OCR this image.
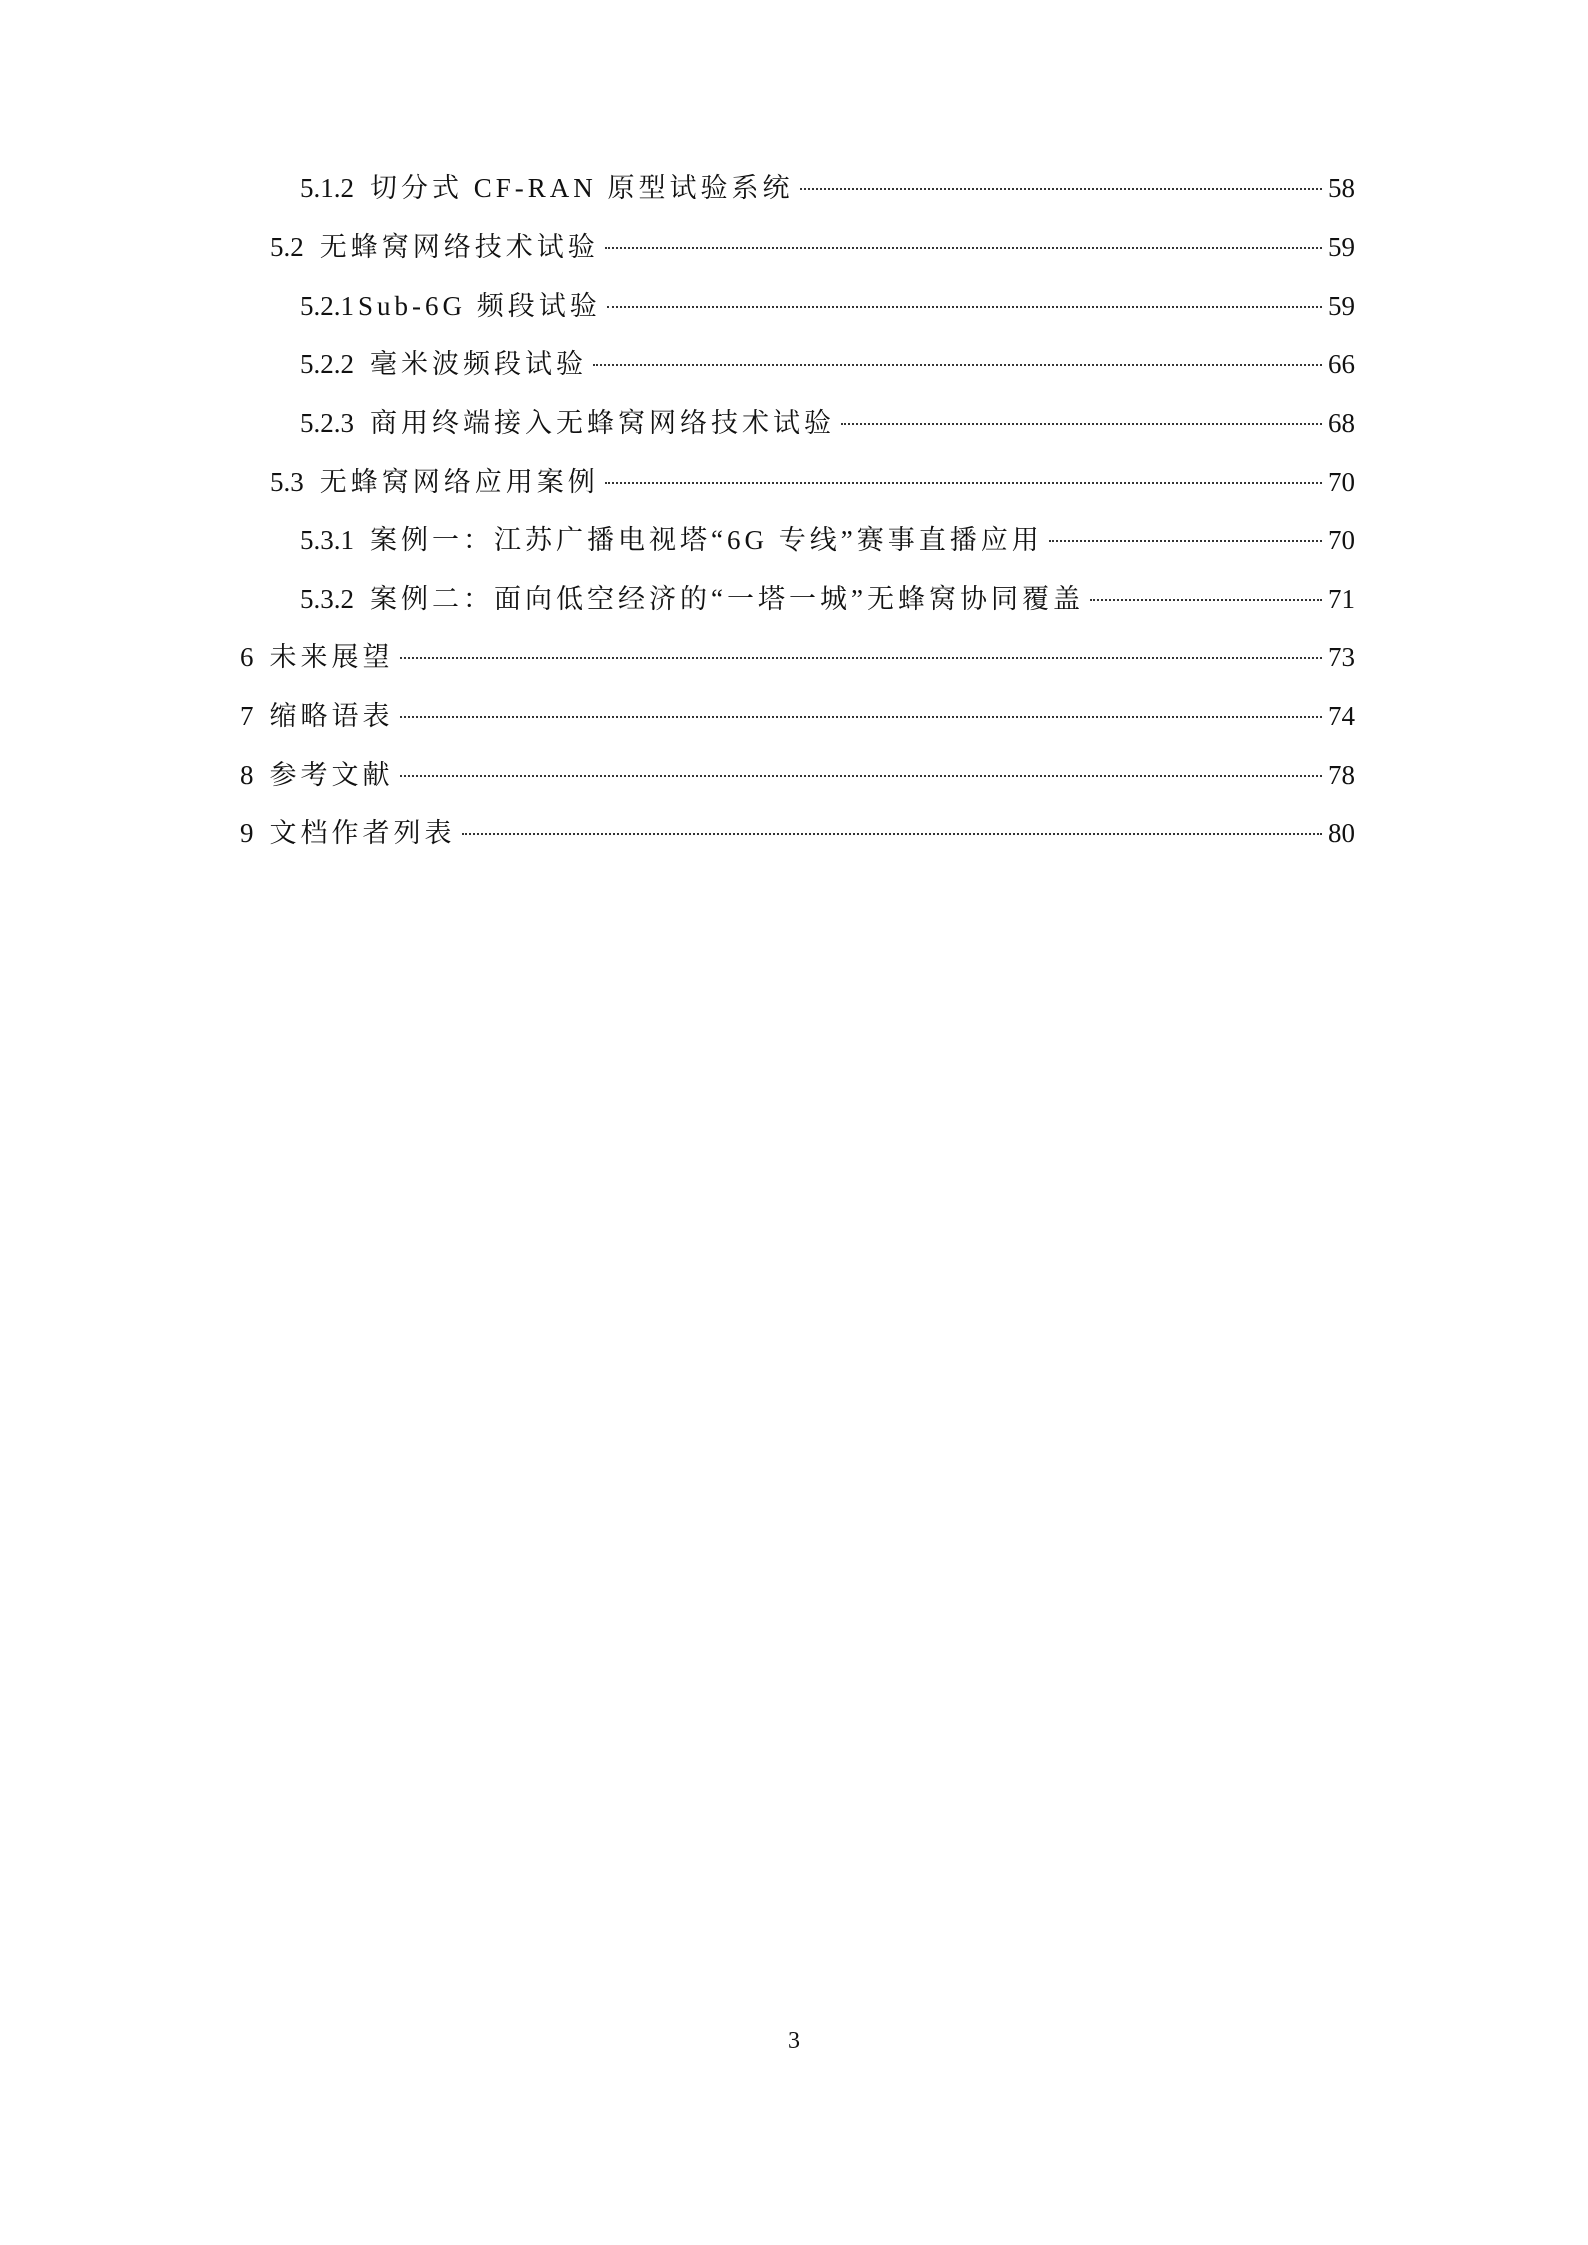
5.1.2 切分式 CF-RAN 原型试验系统	58
5.2 无蜂窝网络技术试验	59
5.2.1 Sub-6G 频段试验	59
5.2.2 毫米波频段试验	66
5.2.3 商用终端接入无蜂窝网络技术试验	68
5.3 无蜂窝网络应用案例	70
5.3.1 案例一：江苏广播电视塔“6G 专线”赛事直播应用	70
5.3.2 案例二：面向低空经济的“一塔一城”无蜂窝协同覆盖	71
6 未来展望	73
7 缩略语表	74
8 参考文献	78
9 文档作者列表	80
3
